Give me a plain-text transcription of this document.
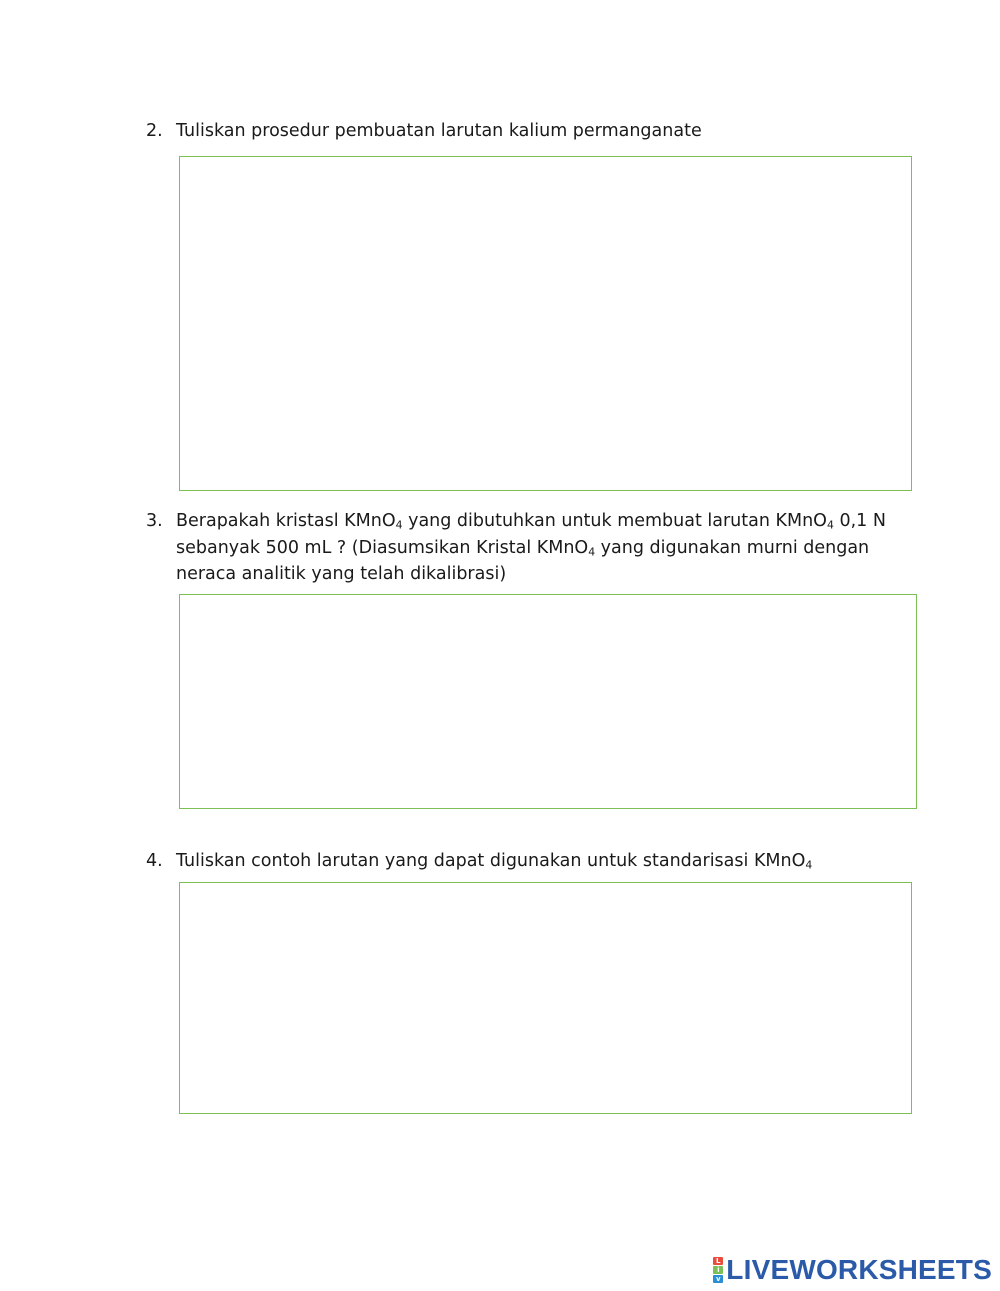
2. Tuliskan prosedur pembuatan larutan kalium permanganate
3. Berapakah kristasl KMnO$_4$ yang dibutuhkan untuk membuat larutan KMnO$_4$ 0,1 N
sebanyak 500 mL ? (Diasumsikan Kristal KMnO$_4$ yang digunakan murni dengan
neraca analitik yang telah dikalibrasi)
4. Tuliskan contoh larutan yang dapat digunakan untuk standarisasi KMnO$_4$
L
i
v LIVEWORKSHEETS
